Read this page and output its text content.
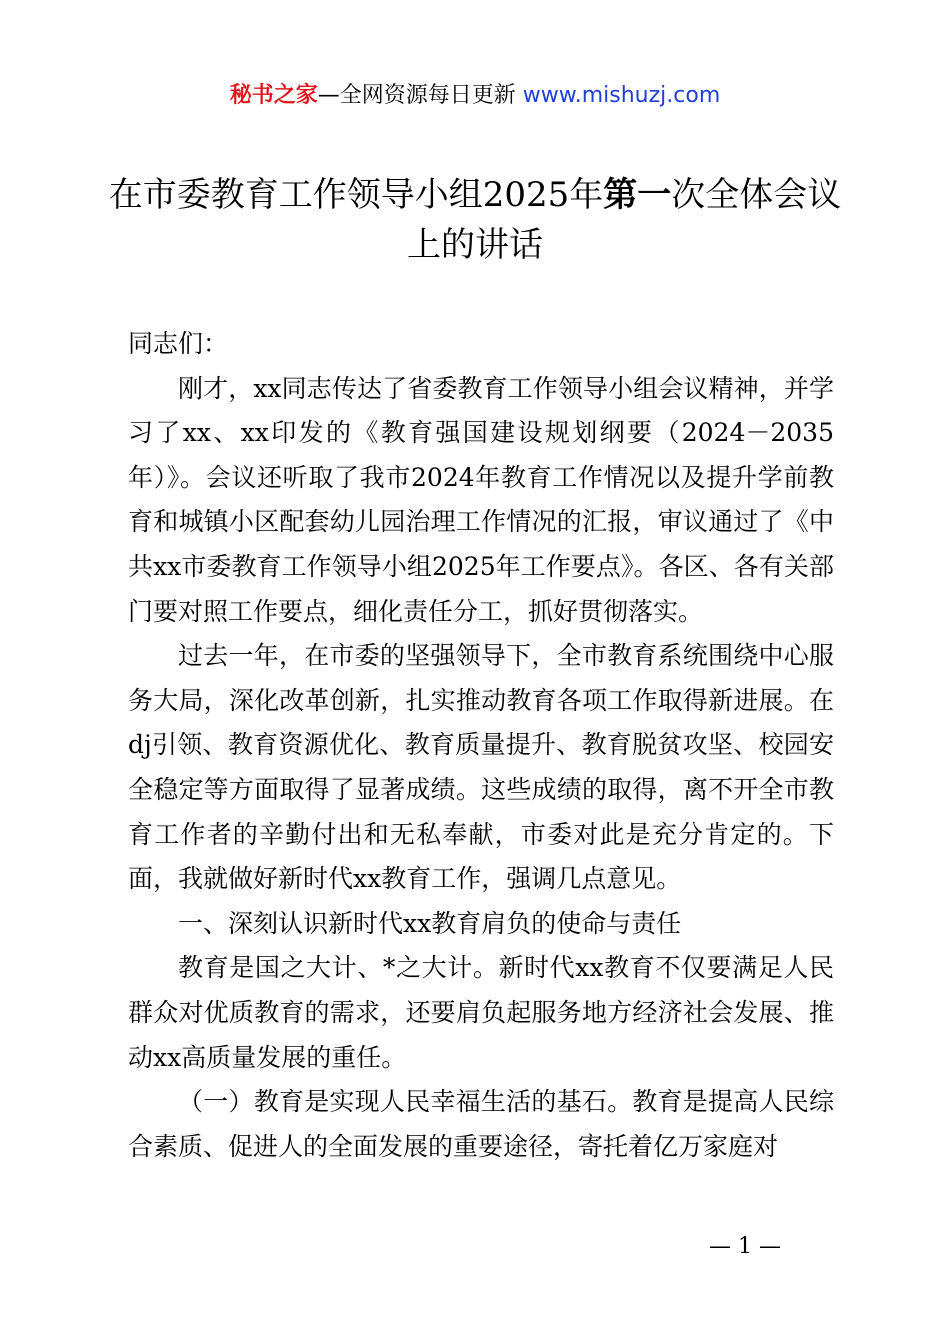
秘书之家—全网资源每日更新 www.mishuzj.com
在市委教育工作领导小组2025年第一次全体会议上的讲话

同志们：

刚才，xx同志传达了省委教育工作领导小组会议精神，并学习了xx、xx印发的《教育强国建设规划纲要（2024－2035年）》。会议还听取了我市2024年教育工作情况以及提升学前教育和城镇小区配套幼儿园治理工作情况的汇报，审议通过了《中共xx市委教育工作领导小组2025年工作要点》。各区、各有关部门要对照工作要点，细化责任分工，抓好贯彻落实。

过去一年，在市委的坚强领导下，全市教育系统围绕中心服务大局，深化改革创新，扎实推动教育各项工作取得新进展。在dj引领、教育资源优化、教育质量提升、教育脱贫攻坚、校园安全稳定等方面取得了显著成绩。这些成绩的取得，离不开全市教育工作者的辛勤付出和无私奉献，市委对此是充分肯定的。下面，我就做好新时代xx教育工作，强调几点意见。

一、深刻认识新时代xx教育肩负的使命与责任

教育是国之大计、*之大计。新时代xx教育不仅要满足人民群众对优质教育的需求，还要肩负起服务地方经济社会发展、推动xx高质量发展的重任。

（一）教育是实现人民幸福生活的基石。教育是提高人民综合素质、促进人的全面发展的重要途径，寄托着亿万家庭对

— 1 —
